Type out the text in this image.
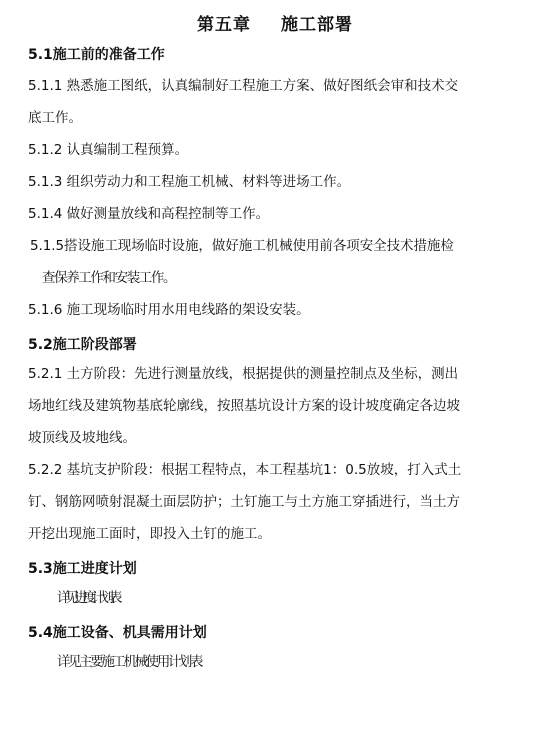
第五章 施工部署
5.1施工前的准备工作
5.1.1 熟悉施工图纸，认真编制好工程施工方案、做好图纸会审和技术交
底工作。
5.1.2 认真编制工程预算。
5.1.3 组织劳动力和工程施工机械、材料等进场工作。
5.1.4 做好测量放线和高程控制等工作。
5.1.5搭设施工现场临时设施，做好施工机械使用前各项安全技术措施检
查保养工作和安装工作。
5.1.6 施工现场临时用水用电线路的架设安装。
5.2施工阶段部署
5.2.1 土方阶段：先进行测量放线，根据提供的测量控制点及坐标，测出
场地红线及建筑物基底轮廓线，按照基坑设计方案的设计坡度确定各边坡
坡顶线及坡地线。
5.2.2 基坑支护阶段：根据工程特点，本工程基坑1：0.5放坡，打入式土
钉、钢筋网喷射混凝土面层防护；土钉施工与土方施工穿插进行，当土方
开挖出现施工面时，即投入土钉的施工。
5.3施工进度计划
详见进度计划表
5.4施工设备、机具需用计划
详见主要施工机械使用计划表
